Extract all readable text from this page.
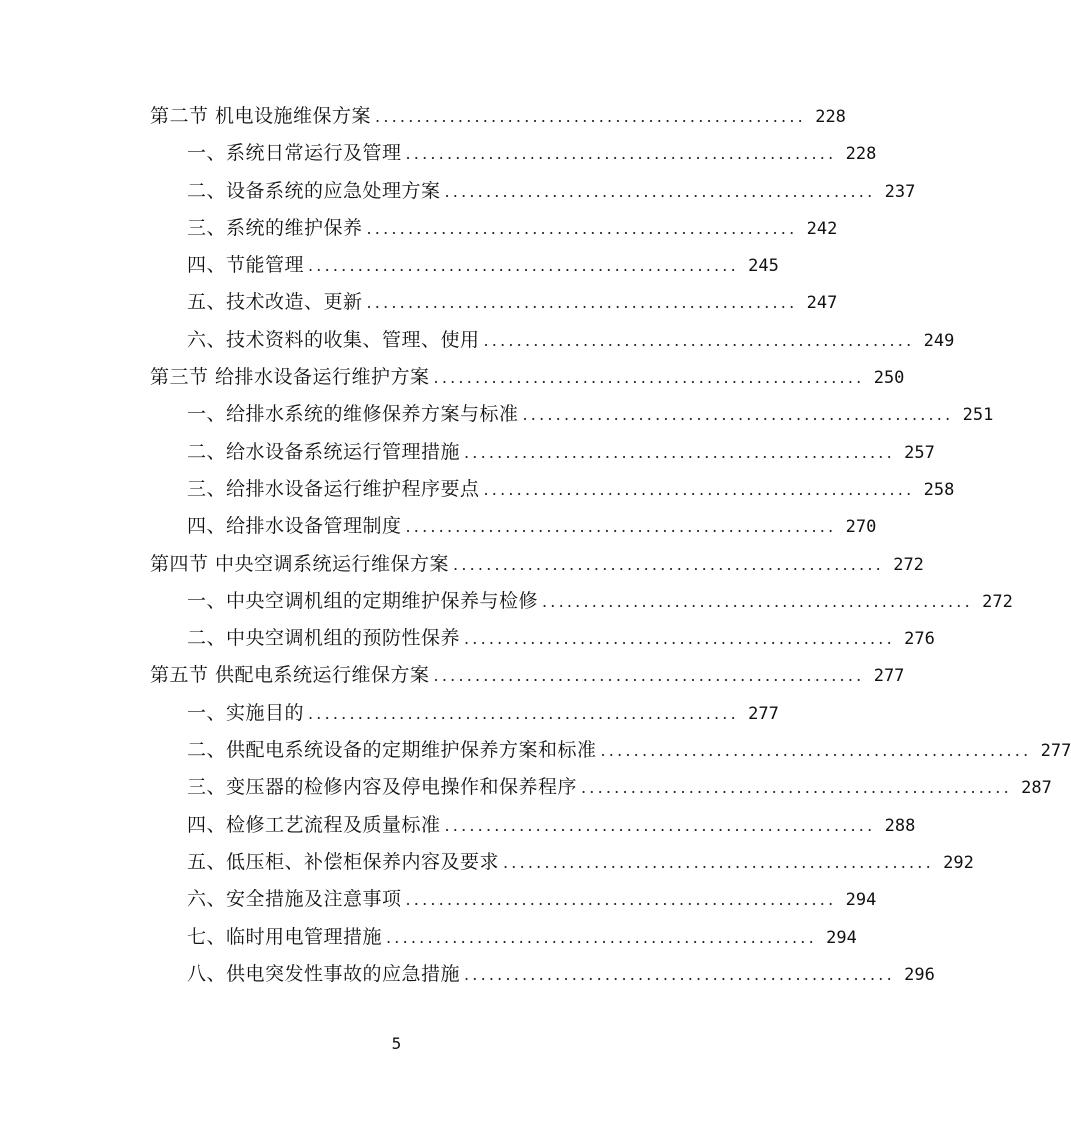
第二节 机电设施维保方案 .................................................... 228
一、系统日常运行及管理 .................................................... 228
二、设备系统的应急处理方案 .................................................... 237
三、系统的维护保养 .................................................... 242
四、节能管理 .................................................... 245
五、技术改造、更新 .................................................... 247
六、技术资料的收集、管理、使用 .................................................... 249
第三节 给排水设备运行维护方案 .................................................... 250
一、给排水系统的维修保养方案与标准 .................................................... 251
二、给水设备系统运行管理措施 .................................................... 257
三、给排水设备运行维护程序要点 .................................................... 258
四、给排水设备管理制度 .................................................... 270
第四节 中央空调系统运行维保方案 .................................................... 272
一、中央空调机组的定期维护保养与检修 .................................................... 272
二、中央空调机组的预防性保养 .................................................... 276
第五节 供配电系统运行维保方案 .................................................... 277
一、实施目的 .................................................... 277
二、供配电系统设备的定期维护保养方案和标准 .................................................... 277
三、变压器的检修内容及停电操作和保养程序 .................................................... 287
四、检修工艺流程及质量标准 .................................................... 288
五、低压柜、补偿柜保养内容及要求 .................................................... 292
六、安全措施及注意事项 .................................................... 294
七、临时用电管理措施 .................................................... 294
八、供电突发性事故的应急措施 .................................................... 296
5
